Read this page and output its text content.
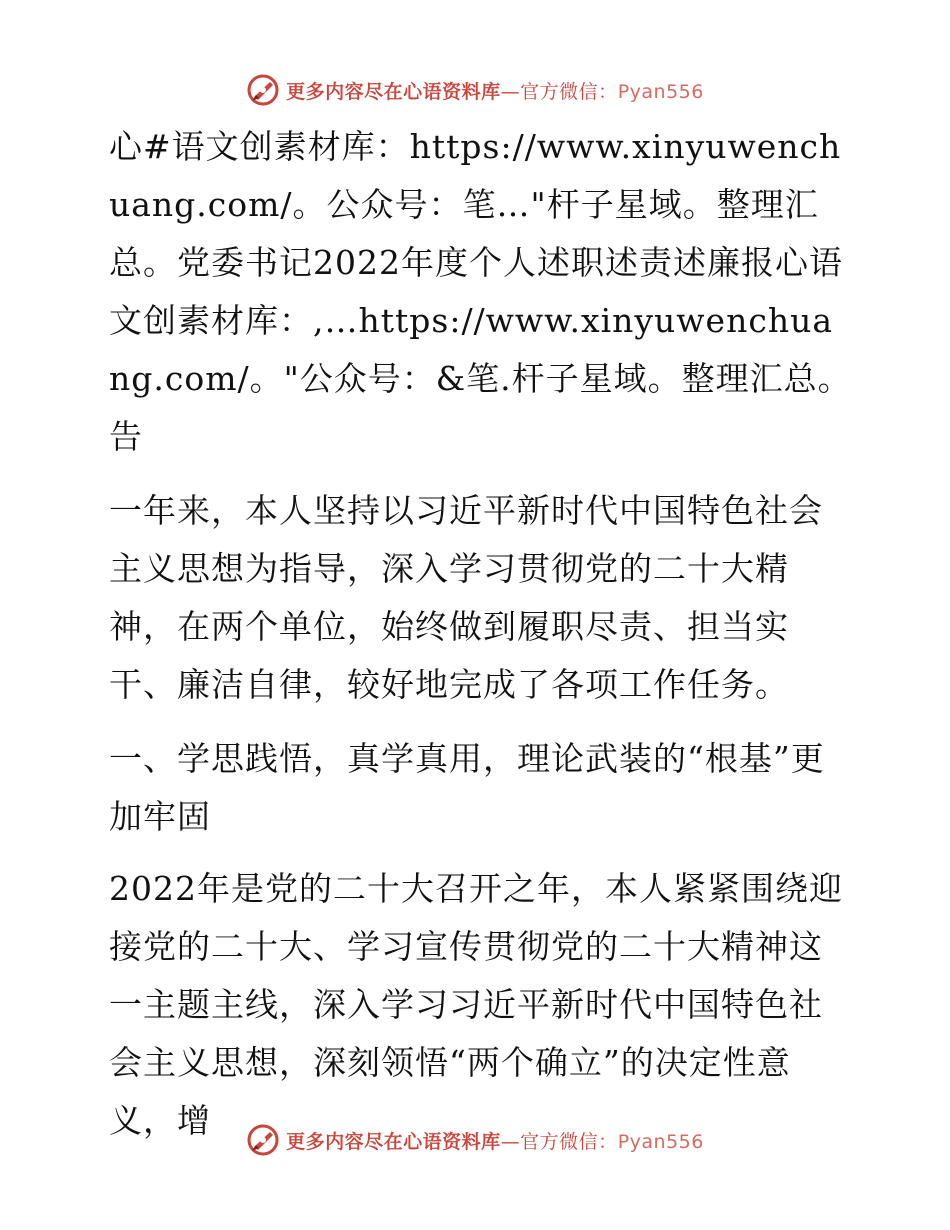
更多内容尽在心语资料库—官方微信：Pyan556

心#语文创素材库：https://www.xinyuwenchuang.com/。公众号：笔…"杆子星域。整理汇总。党委书记2022年度个人述职述责述廉报心语文创素材库：,…https://www.xinyuwenchuang.com/。"公众号：&笔.杆子星域。整理汇总。告

一年来，本人坚持以习近平新时代中国特色社会主义思想为指导，深入学习贯彻党的二十大精神，在两个单位，始终做到履职尽责、担当实干、廉洁自律，较好地完成了各项工作任务。

一、学思践悟，真学真用，理论武装的“根基”更加牢固

2022年是党的二十大召开之年，本人紧紧围绕迎接党的二十大、学习宣传贯彻党的二十大精神这一主题主线，深入学习习近平新时代中国特色社会主义思想，深刻领悟“两个确立”的决定性意义，增

更多内容尽在心语资料库—官方微信：Pyan556
